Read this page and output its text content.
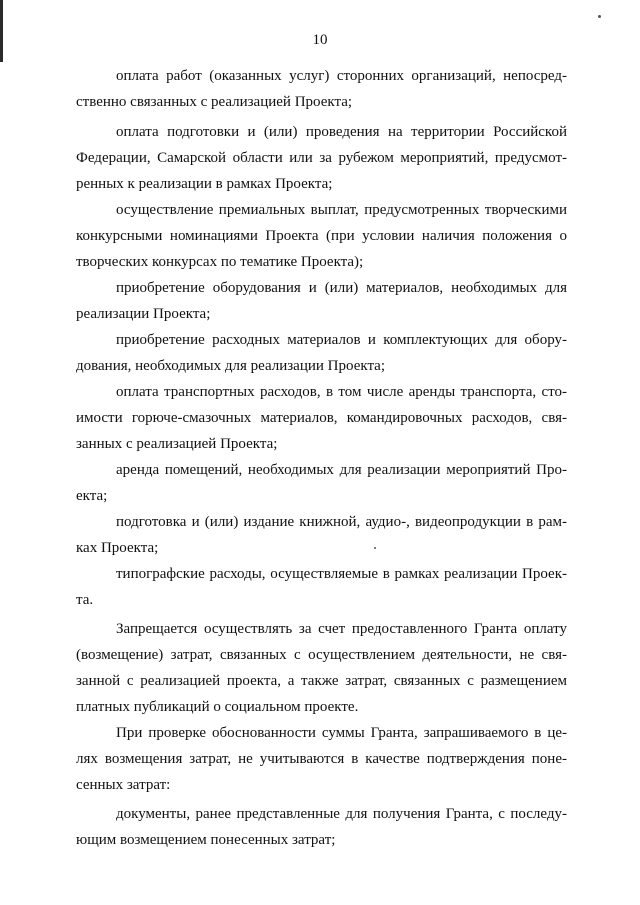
10
оплата работ (оказанных услуг) сторонних организаций, непосред-
ственно связанных с реализацией Проекта;
оплата подготовки и (или) проведения на территории Российской
Федерации, Самарской области или за рубежом мероприятий, предусмот-
ренных к реализации в рамках Проекта;
осуществление премиальных выплат, предусмотренных творческими
конкурсными номинациями Проекта (при условии наличия положения о
творческих конкурсах по тематике Проекта);
приобретение оборудования и (или) материалов, необходимых для
реализации Проекта;
приобретение расходных материалов и комплектующих для обору-
дования, необходимых для реализации Проекта;
оплата транспортных расходов, в том числе аренды транспорта, сто-
имости горюче-смазочных материалов, командировочных расходов, свя-
занных с реализацией Проекта;
аренда помещений, необходимых для реализации мероприятий Про-
екта;
подготовка и (или) издание книжной, аудио-, видеопродукции в рам-
ках Проекта;
типографские расходы, осуществляемые в рамках реализации Проек-
та.
Запрещается осуществлять за счет предоставленного Гранта оплату
(возмещение) затрат, связанных с осуществлением деятельности, не свя-
занной с реализацией проекта, а также затрат, связанных с размещением
платных публикаций о социальном проекте.
При проверке обоснованности суммы Гранта, запрашиваемого в це-
лях возмещения затрат, не учитываются в качестве подтверждения поне-
сенных затрат:
документы, ранее представленные для получения Гранта, с последу-
ющим возмещением понесенных затрат;
